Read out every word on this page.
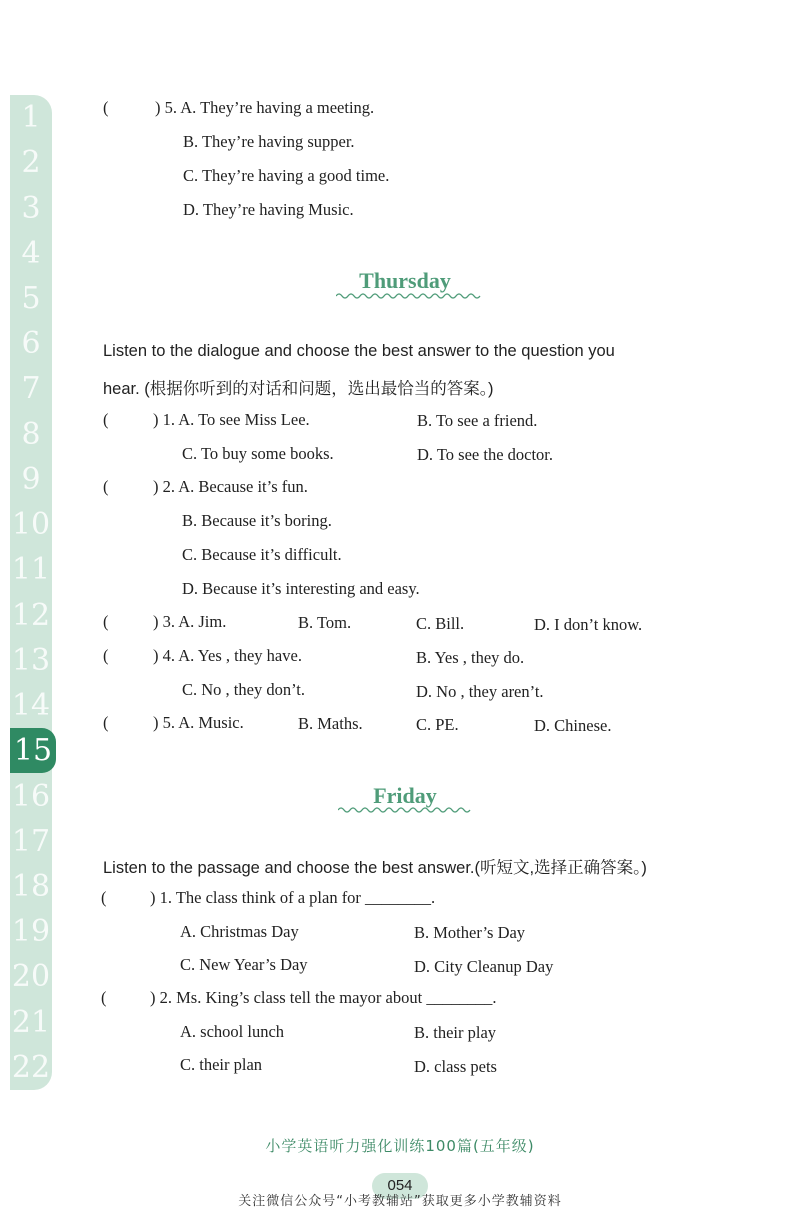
1
2
3
4
5
6
7
8
9
10
11
12
13
14
15
16
17
18
19
20
21
22
(	) 5. A. They’re having a meeting.
B. They’re having supper.
C. They’re having a good time.
D. They’re having Music.
Thursday
Listen to the dialogue and choose the best answer to the question you
hear. (根据你听到的对话和问题，选出最恰当的答案。)
(	) 1. A. To see Miss Lee.	B. To see a friend.
C. To buy some books.	D. To see the doctor.
(	) 2. A. Because it’s fun.
B. Because it’s boring.
C. Because it’s difficult.
D. Because it’s interesting and easy.
(	) 3. A. Jim.	B. Tom.	C. Bill.	D. I don’t know.
(	) 4. A. Yes , they have.	B. Yes , they do.
C. No , they don’t.	D. No , they aren’t.
(	) 5. A. Music.	B. Maths.	C. PE.	D. Chinese.
Friday
Listen to the passage and choose the best answer.(听短文,选择正确答案。)
(	) 1. The class think of a plan for ________.
A. Christmas Day	B. Mother’s Day
C. New Year’s Day	D. City Cleanup Day
(	) 2. Ms. King’s class tell the mayor about ________.
A. school lunch	B. their play
C. their plan	D. class pets
小学英语听力强化训练100篇(五年级)
054
关注微信公众号“小考教辅站”获取更多小学教辅资料
